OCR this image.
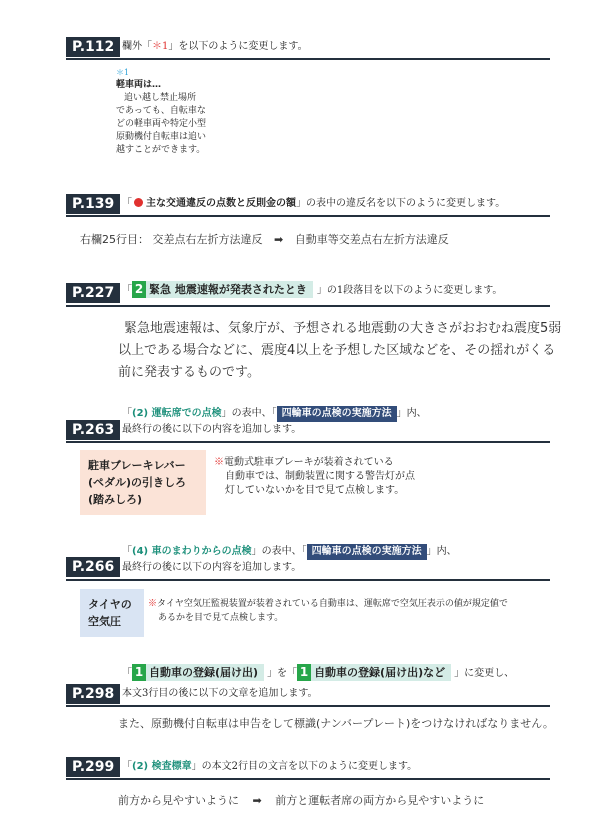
P.112 欄外「＊1」を以下のように変更します。
＊1
軽車両は…
追い越し禁止場所
であっても、自転車な
どの軽車両や特定小型
原動機付自転車は追い
越すことができます。
P.139 「 主な交通違反の点数と反則金の額」の表中の違反名を以下のように変更します。
右欄25行目： 交差点右左折方法違反 ➡ 自動車等交差点右左折方法違反
P.227 「 2 緊急 地震速報が発表されたとき 」の1段落目を以下のように変更します。
緊急地震速報は、気象庁が、予想される地震動の大きさがおおむね震度5弱
以上である場合などに、震度4以上を予想した区域などを、その揺れがくる
前に発表するものです。
P.263
「(2) 運転席での点検」の表中、「 四輪車の点検の実施方法 」内、
最終行の後に以下の内容を追加します。
駐車ブレーキレバー
(ペダル)の引きしろ
(踏みしろ)
※電動式駐車ブレーキが装着されている
自動車では、制動装置に関する警告灯が点
灯していないかを目で見て点検します。
P.266
「(4) 車のまわりからの点検」の表中、「 四輪車の点検の実施方法 」内、
最終行の後に以下の内容を追加します。
タイヤの
空気圧
※タイヤ空気圧監視装置が装着されている自動車は、運転席で空気圧表示の値が規定値で
あるかを目で見て点検します。
P.298
「 1 自動車の登録(届け出) 」を「 1 自動車の登録(届け出)など 」に変更し、
本文3行目の後に以下の文章を追加します。
また、原動機付自転車は申告をして標識(ナンバープレート)をつけなければなりません。
P.299 「(2) 検査標章」の本文2行目の文言を以下のように変更します。
前方から見やすいように ➡ 前方と運転者席の両方から見やすいように
